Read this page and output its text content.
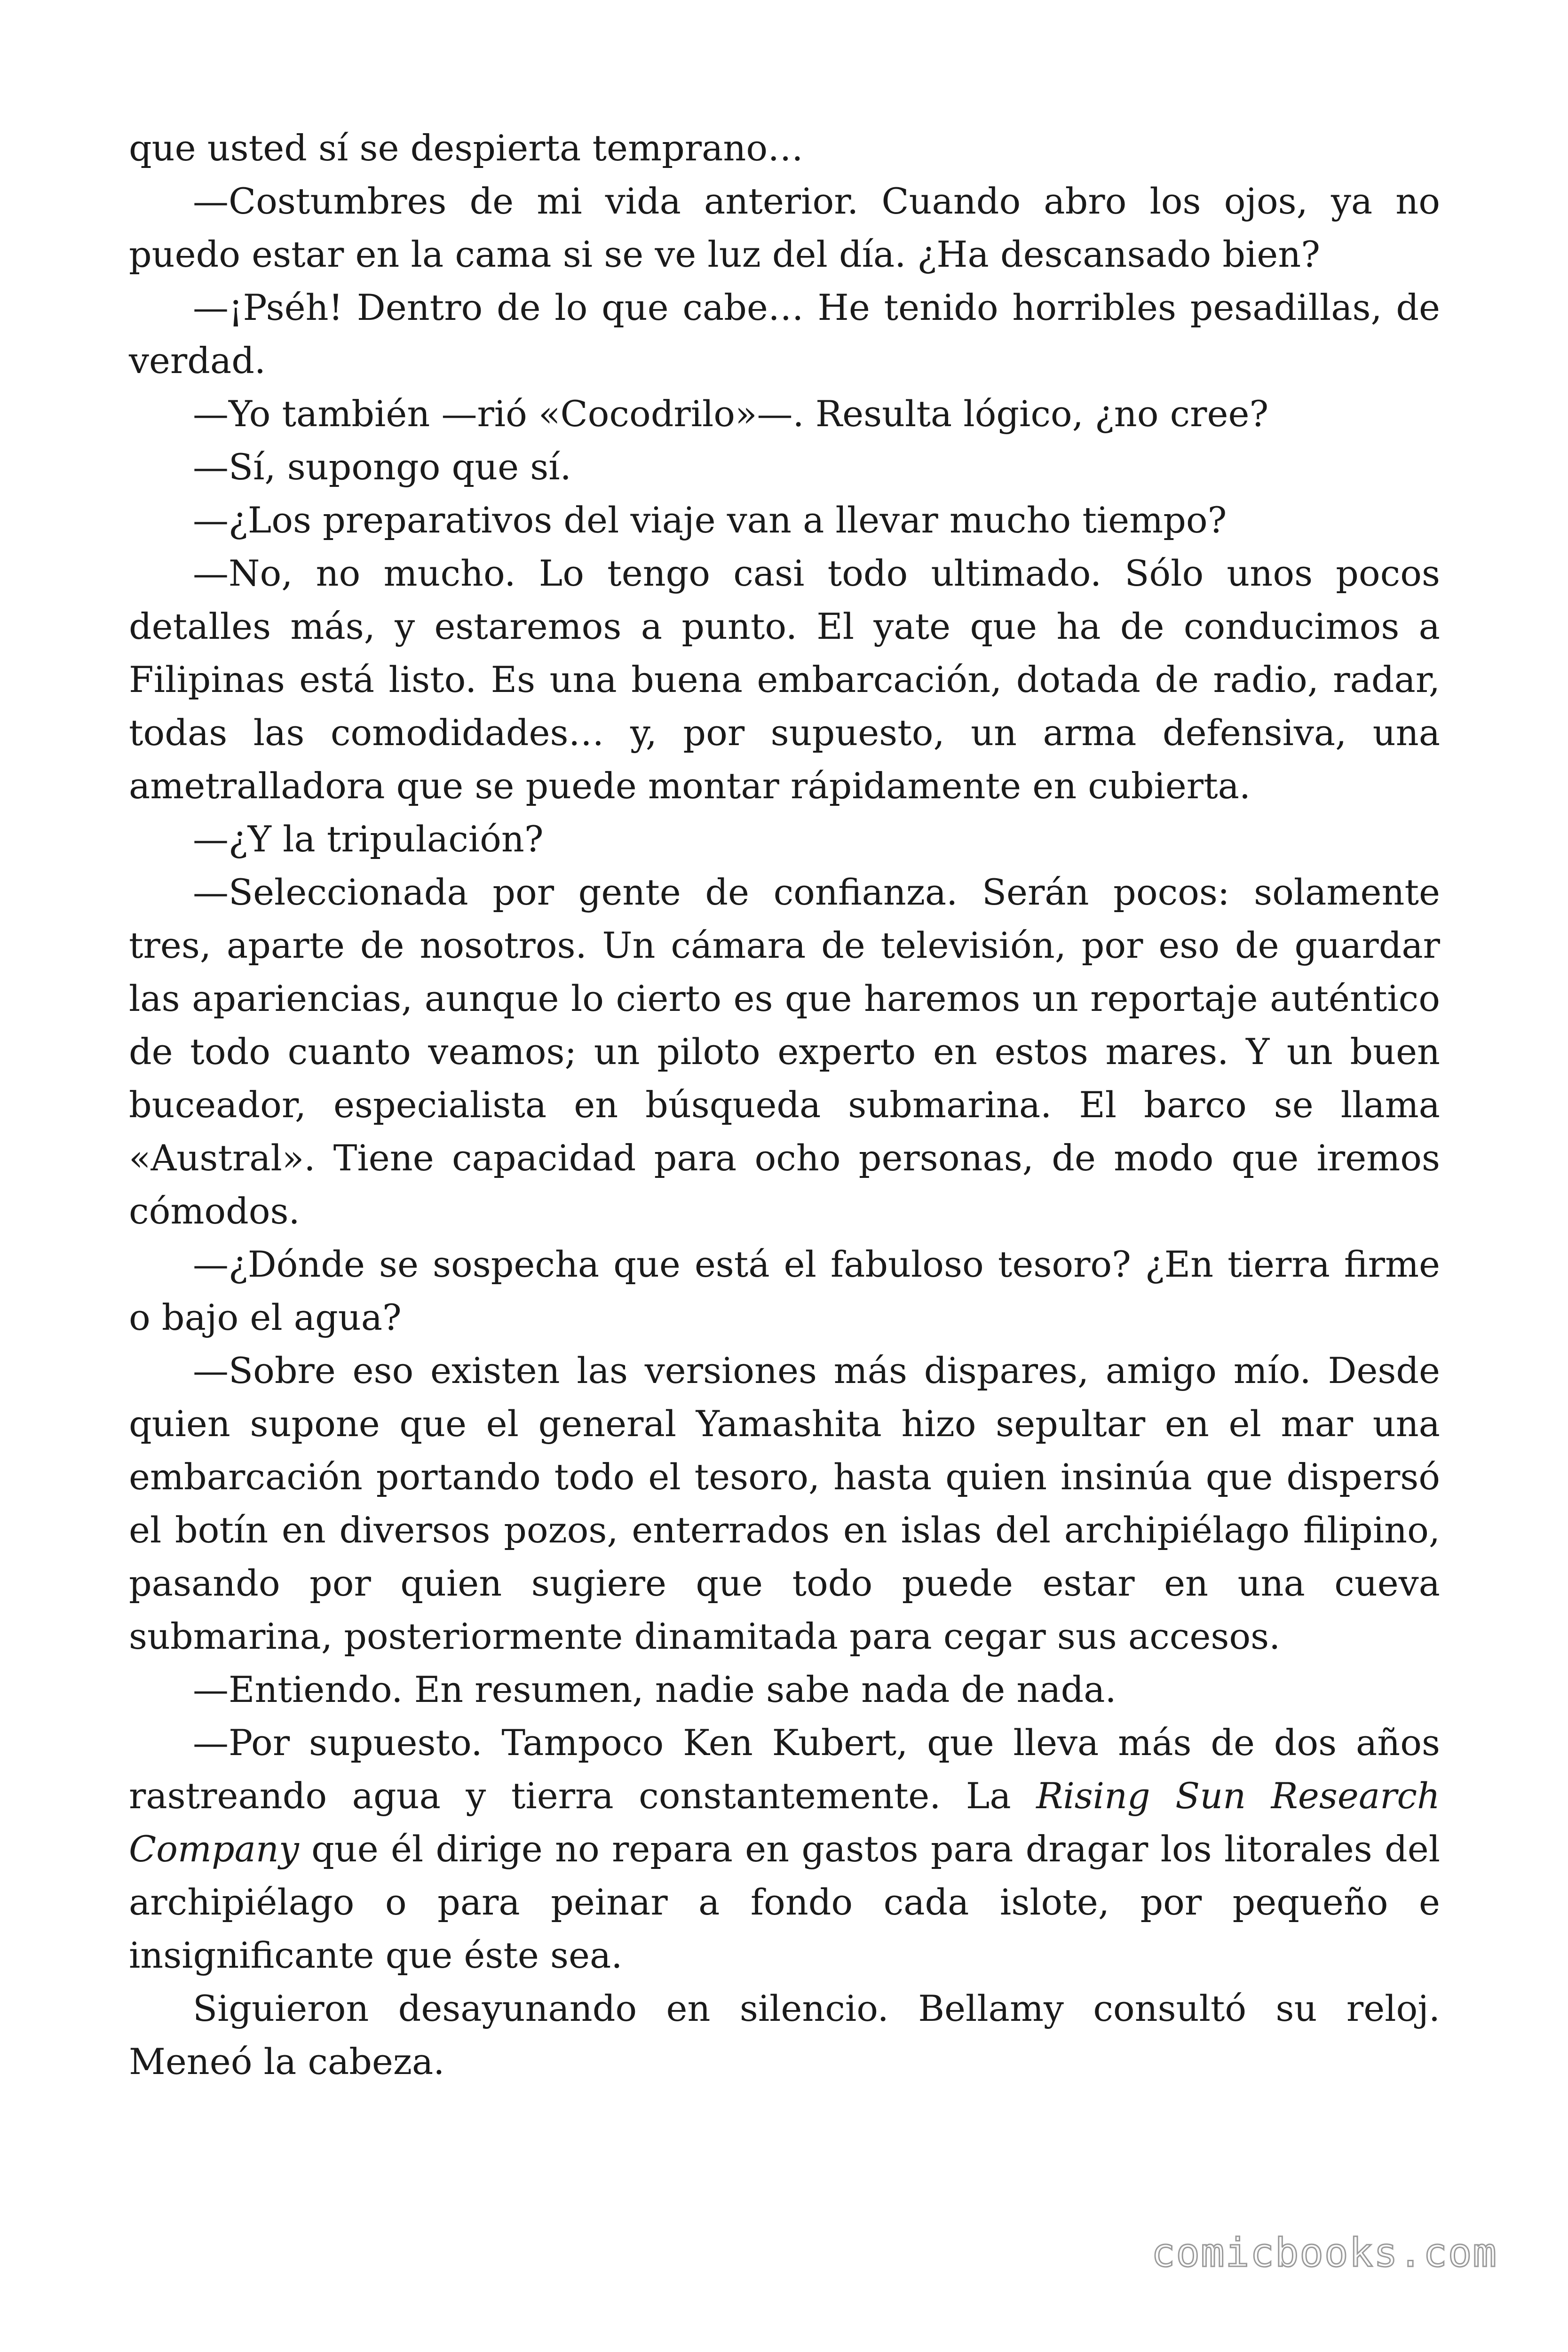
que usted sí se despierta temprano…

—Costumbres de mi vida anterior. Cuando abro los ojos, ya no puedo estar en la cama si se ve luz del día. ¿Ha descansado bien?

—¡Pséh! Dentro de lo que cabe… He tenido horribles pesadillas, de verdad.

—Yo también —rió «Cocodrilo»—. Resulta lógico, ¿no cree?

—Sí, supongo que sí.

—¿Los preparativos del viaje van a llevar mucho tiempo?

—No, no mucho. Lo tengo casi todo ultimado. Sólo unos pocos detalles más, y estaremos a punto. El yate que ha de conducimos a Filipinas está listo. Es una buena embarcación, dotada de radio, radar, todas las comodidades… y, por supuesto, un arma defensiva, una ametralladora que se puede montar rápidamente en cubierta.

—¿Y la tripulación?

—Seleccionada por gente de confianza. Serán pocos: solamente tres, aparte de nosotros. Un cámara de televisión, por eso de guardar las apariencias, aunque lo cierto es que haremos un reportaje auténtico de todo cuanto veamos; un piloto experto en estos mares. Y un buen buceador, especialista en búsqueda submarina. El barco se llama «Austral». Tiene capacidad para ocho personas, de modo que iremos cómodos.

—¿Dónde se sospecha que está el fabuloso tesoro? ¿En tierra firme o bajo el agua?

—Sobre eso existen las versiones más dispares, amigo mío. Desde quien supone que el general Yamashita hizo sepultar en el mar una embarcación portando todo el tesoro, hasta quien insinúa que dispersó el botín en diversos pozos, enterrados en islas del archipiélago filipino, pasando por quien sugiere que todo puede estar en una cueva submarina, posteriormente dinamitada para cegar sus accesos.

—Entiendo. En resumen, nadie sabe nada de nada.

—Por supuesto. Tampoco Ken Kubert, que lleva más de dos años rastreando agua y tierra constantemente. La Rising Sun Research Company que él dirige no repara en gastos para dragar los litorales del archipiélago o para peinar a fondo cada islote, por pequeño e insignificante que éste sea.

Siguieron desayunando en silencio. Bellamy consultó su reloj. Meneó la cabeza.

comicbooks.com
